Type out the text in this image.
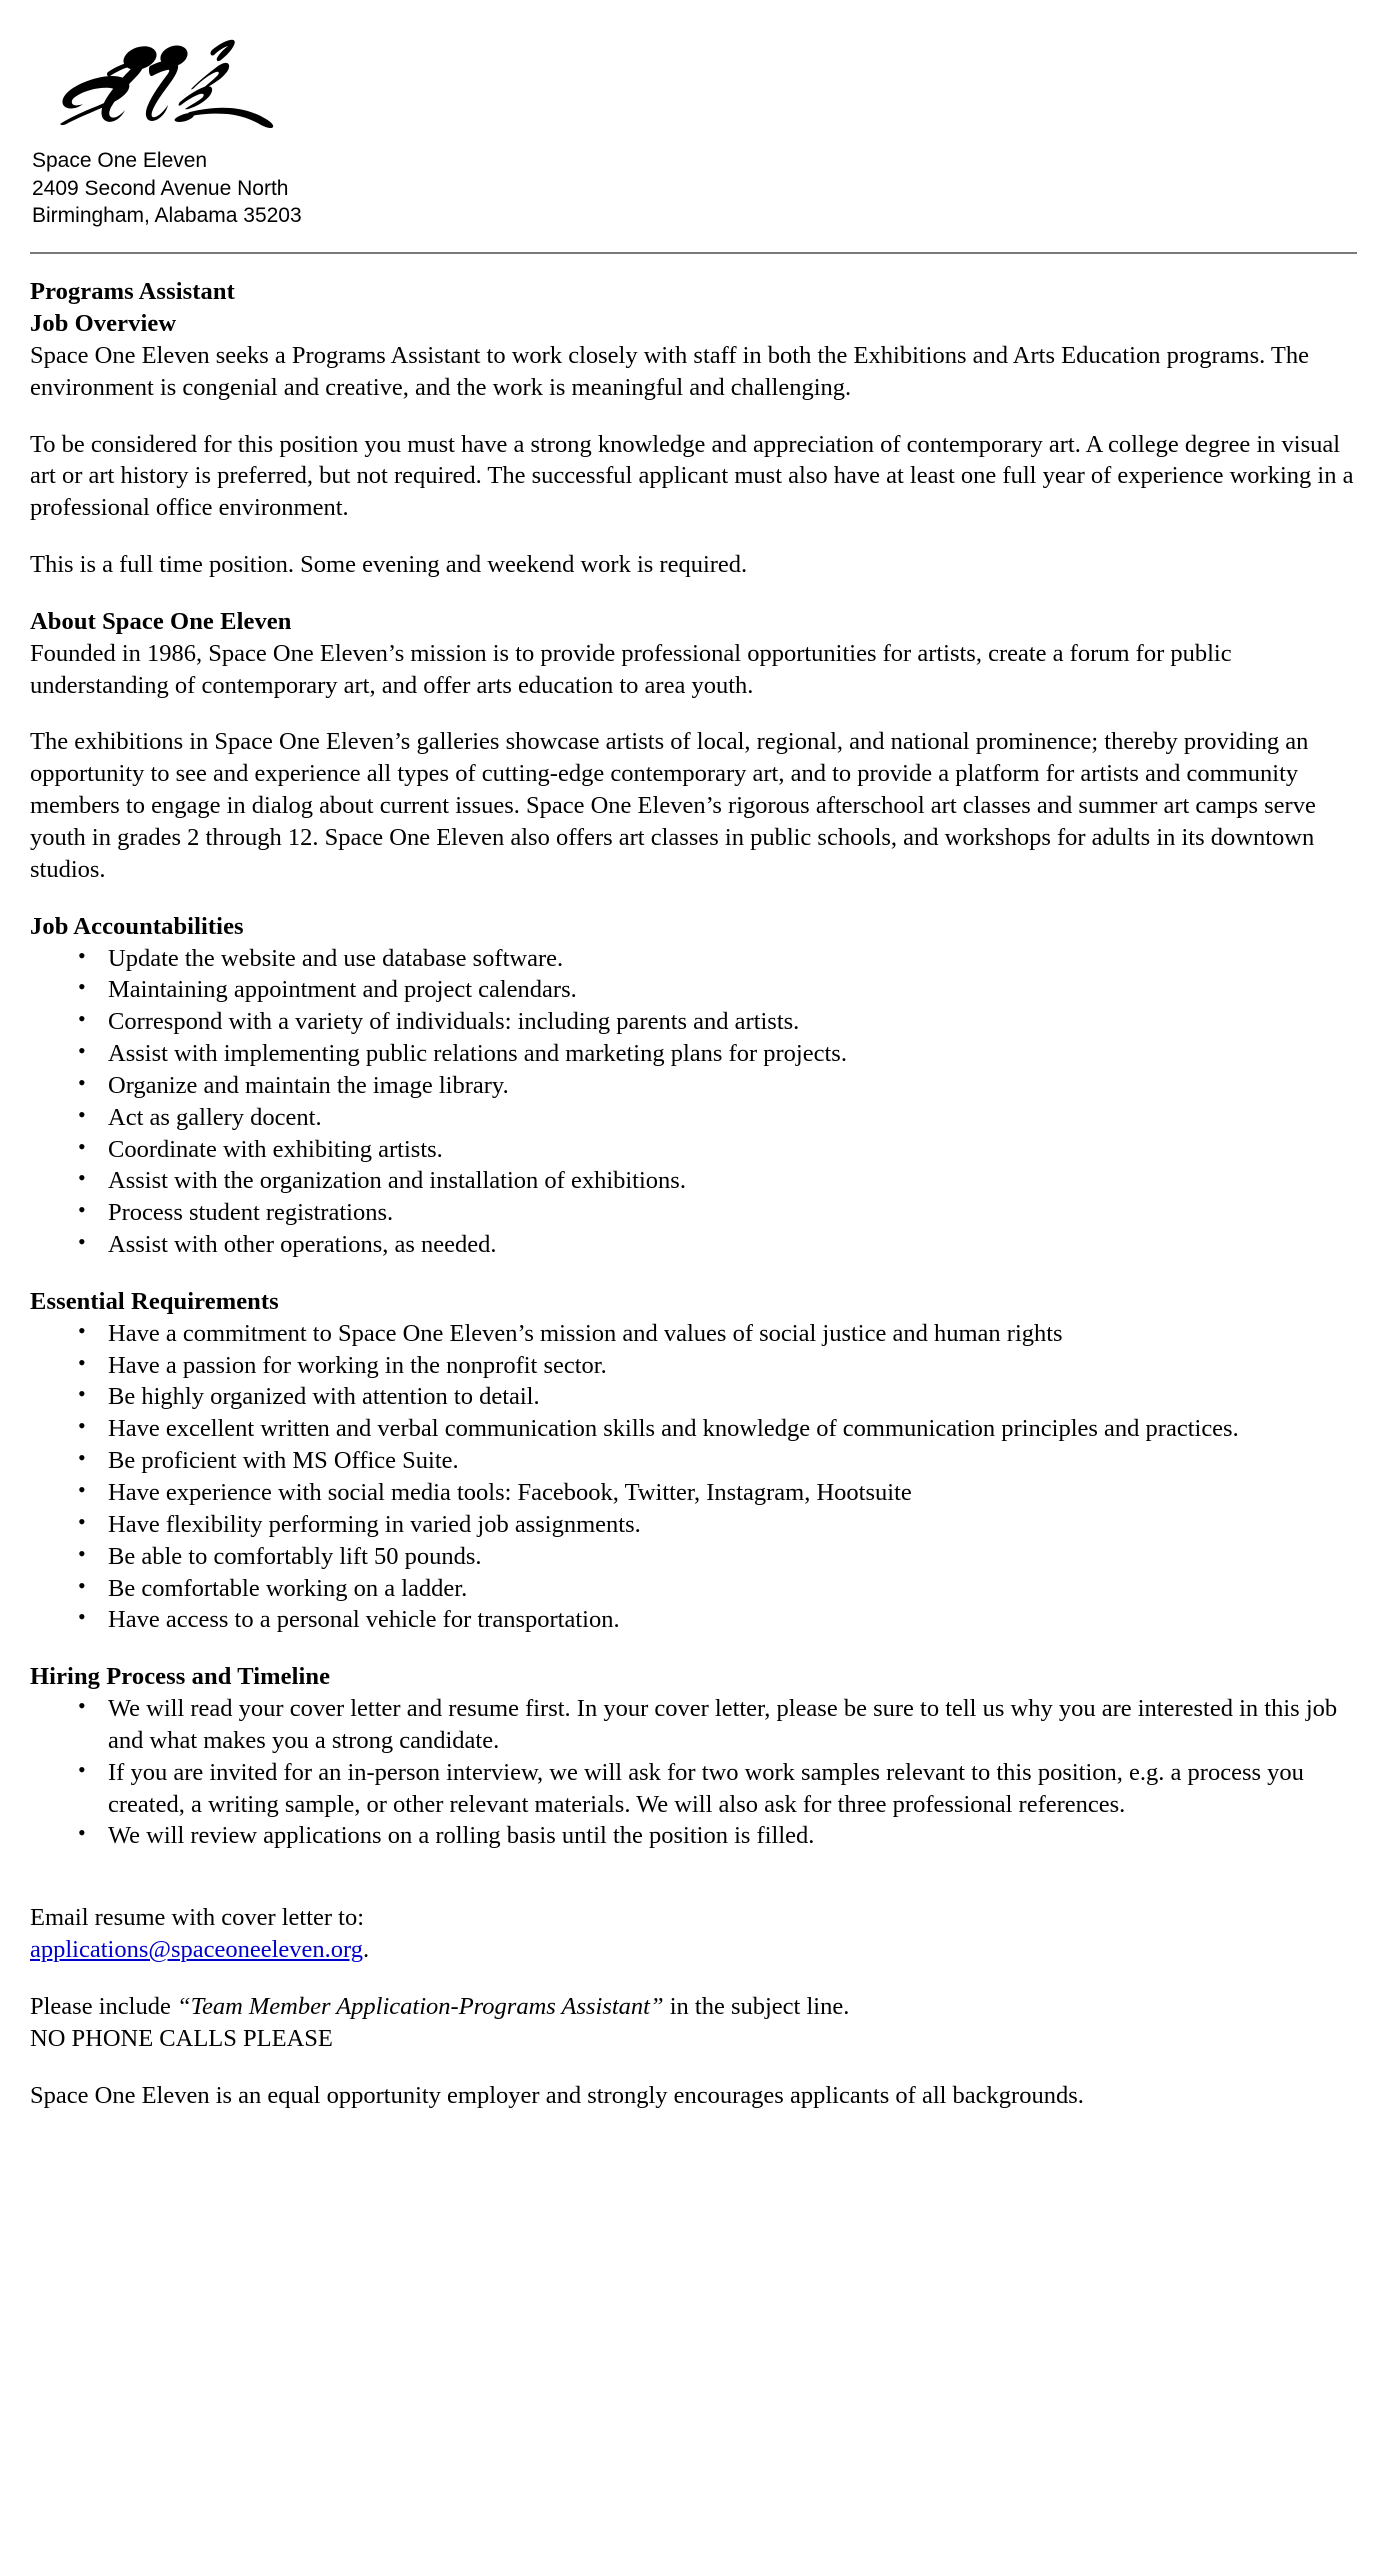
Space One Eleven
2409 Second Avenue North
Birmingham, Alabama 35203
Programs Assistant
Job Overview

Space One Eleven seeks a Programs Assistant to work closely with staff in both the Exhibitions and Arts Education programs. The environment is congenial and creative, and the work is meaningful and challenging.

To be considered for this position you must have a strong knowledge and appreciation of contemporary art. A college degree in visual art or art history is preferred, but not required. The successful applicant must also have at least one full year of experience working in a professional office environment.

This is a full time position. Some evening and weekend work is required.

About Space One Eleven

Founded in 1986, Space One Eleven’s mission is to provide professional opportunities for artists, create a forum for public understanding of contemporary art, and offer arts education to area youth.

The exhibitions in Space One Eleven’s galleries showcase artists of local, regional, and national prominence; thereby providing an opportunity to see and experience all types of cutting-edge contemporary art, and to provide a platform for artists and community members to engage in dialog about current issues. Space One Eleven’s rigorous afterschool art classes and summer art camps serve youth in grades 2 through 12. Space One Eleven also offers art classes in public schools, and workshops for adults in its downtown studios.

Job Accountabilities
• Update the website and use database software.
• Maintaining appointment and project calendars.
• Correspond with a variety of individuals: including parents and artists.
• Assist with implementing public relations and marketing plans for projects.
• Organize and maintain the image library.
• Act as gallery docent.
• Coordinate with exhibiting artists.
• Assist with the organization and installation of exhibitions.
• Process student registrations.
• Assist with other operations, as needed.
Essential Requirements
• Have a commitment to Space One Eleven’s mission and values of social justice and human rights
• Have a passion for working in the nonprofit sector.
• Be highly organized with attention to detail.
• Have excellent written and verbal communication skills and knowledge of communication principles and practices.
• Be proficient with MS Office Suite.
• Have experience with social media tools: Facebook, Twitter, Instagram, Hootsuite
• Have flexibility performing in varied job assignments.
• Be able to comfortably lift 50 pounds.
• Be comfortable working on a ladder.
• Have access to a personal vehicle for transportation.
Hiring Process and Timeline
• We will read your cover letter and resume first. In your cover letter, please be sure to tell us why you are interested in this job and what makes you a strong candidate.
• If you are invited for an in-person interview, we will ask for two work samples relevant to this position, e.g. a process you created, a writing sample, or other relevant materials. We will also ask for three professional references.
• We will review applications on a rolling basis until the position is filled.

Email resume with cover letter to:

applications@spaceoneeleven.org.

Please include “Team Member Application-Programs Assistant” in the subject line.

NO PHONE CALLS PLEASE

Space One Eleven is an equal opportunity employer and strongly encourages applicants of all backgrounds.
